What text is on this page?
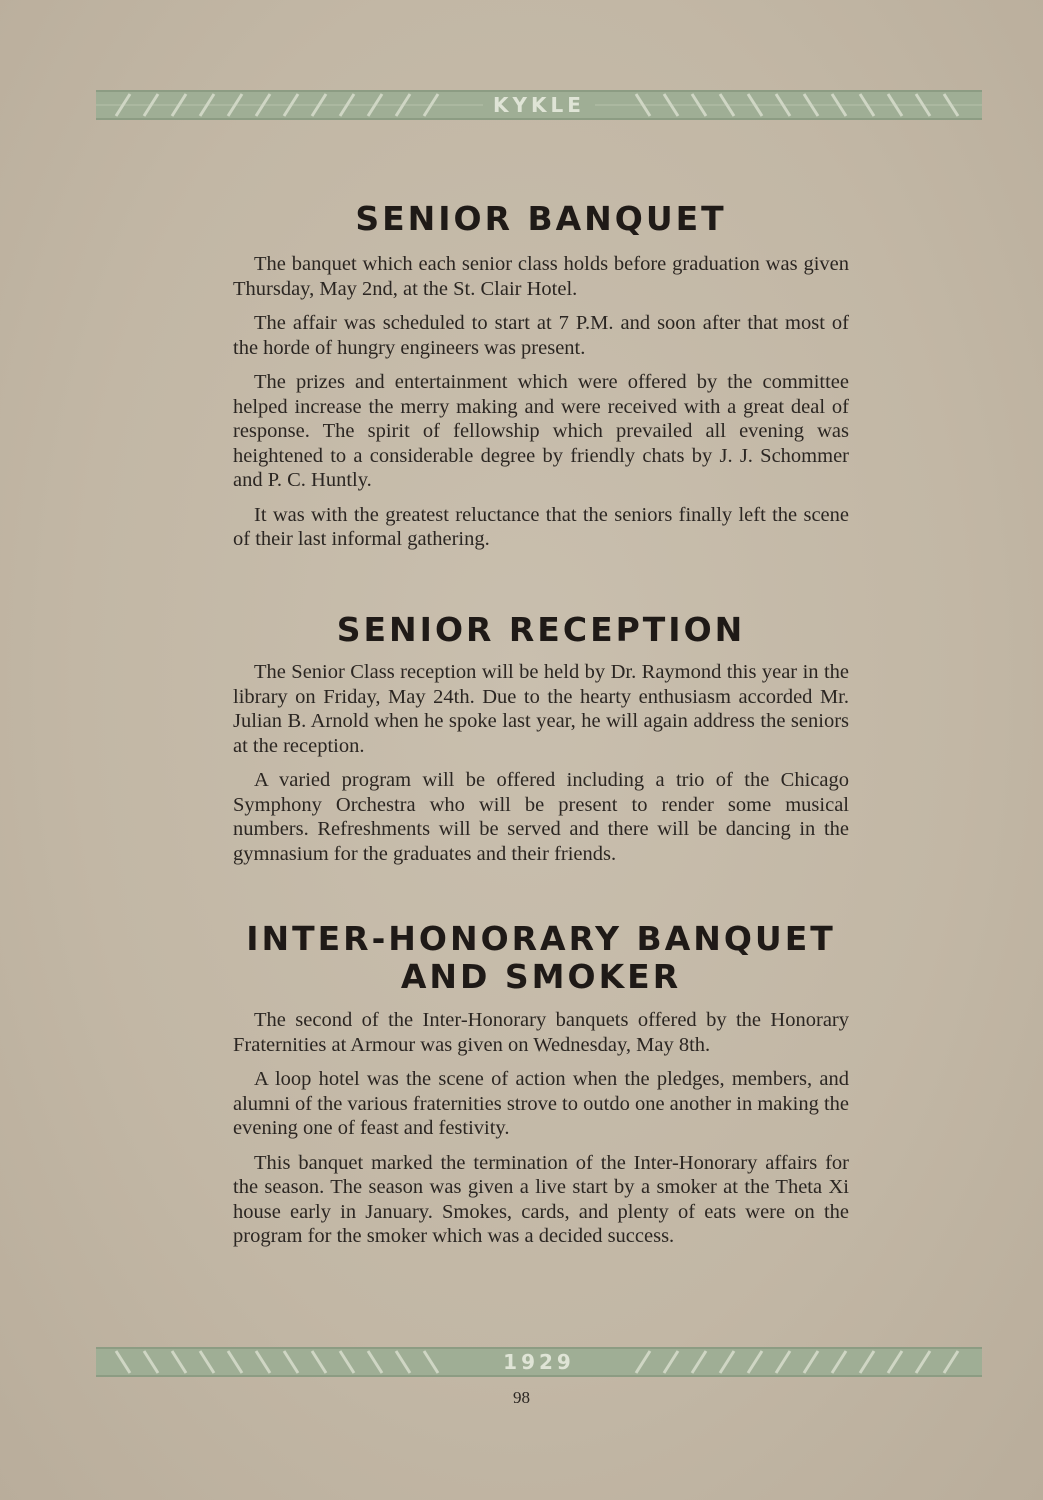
KYKLE
SENIOR BANQUET

The banquet which each senior class holds before graduation was given Thursday, May 2nd, at the St. Clair Hotel.

The affair was scheduled to start at 7 P.M. and soon after that most of the horde of hungry engineers was present.

The prizes and entertainment which were offered by the committee helped increase the merry making and were received with a great deal of response. The spirit of fellowship which prevailed all evening was heightened to a considerable degree by friendly chats by J. J. Schommer and P. C. Huntly.

It was with the greatest reluctance that the seniors finally left the scene of their last informal gathering.

SENIOR RECEPTION

The Senior Class reception will be held by Dr. Raymond this year in the library on Friday, May 24th. Due to the hearty enthusiasm accorded Mr. Julian B. Arnold when he spoke last year, he will again address the seniors at the reception.

A varied program will be offered including a trio of the Chicago Symphony Orchestra who will be present to render some musical numbers. Refreshments will be served and there will be dancing in the gymnasium for the graduates and their friends.

INTER-HONORARY BANQUET AND SMOKER

The second of the Inter-Honorary banquets offered by the Honorary Fraternities at Armour was given on Wednesday, May 8th.

A loop hotel was the scene of action when the pledges, members, and alumni of the various fraternities strove to outdo one another in making the evening one of feast and festivity.

This banquet marked the termination of the Inter-Honorary affairs for the season. The season was given a live start by a smoker at the Theta Xi house early in January. Smokes, cards, and plenty of eats were on the program for the smoker which was a decided success.

1929
98
